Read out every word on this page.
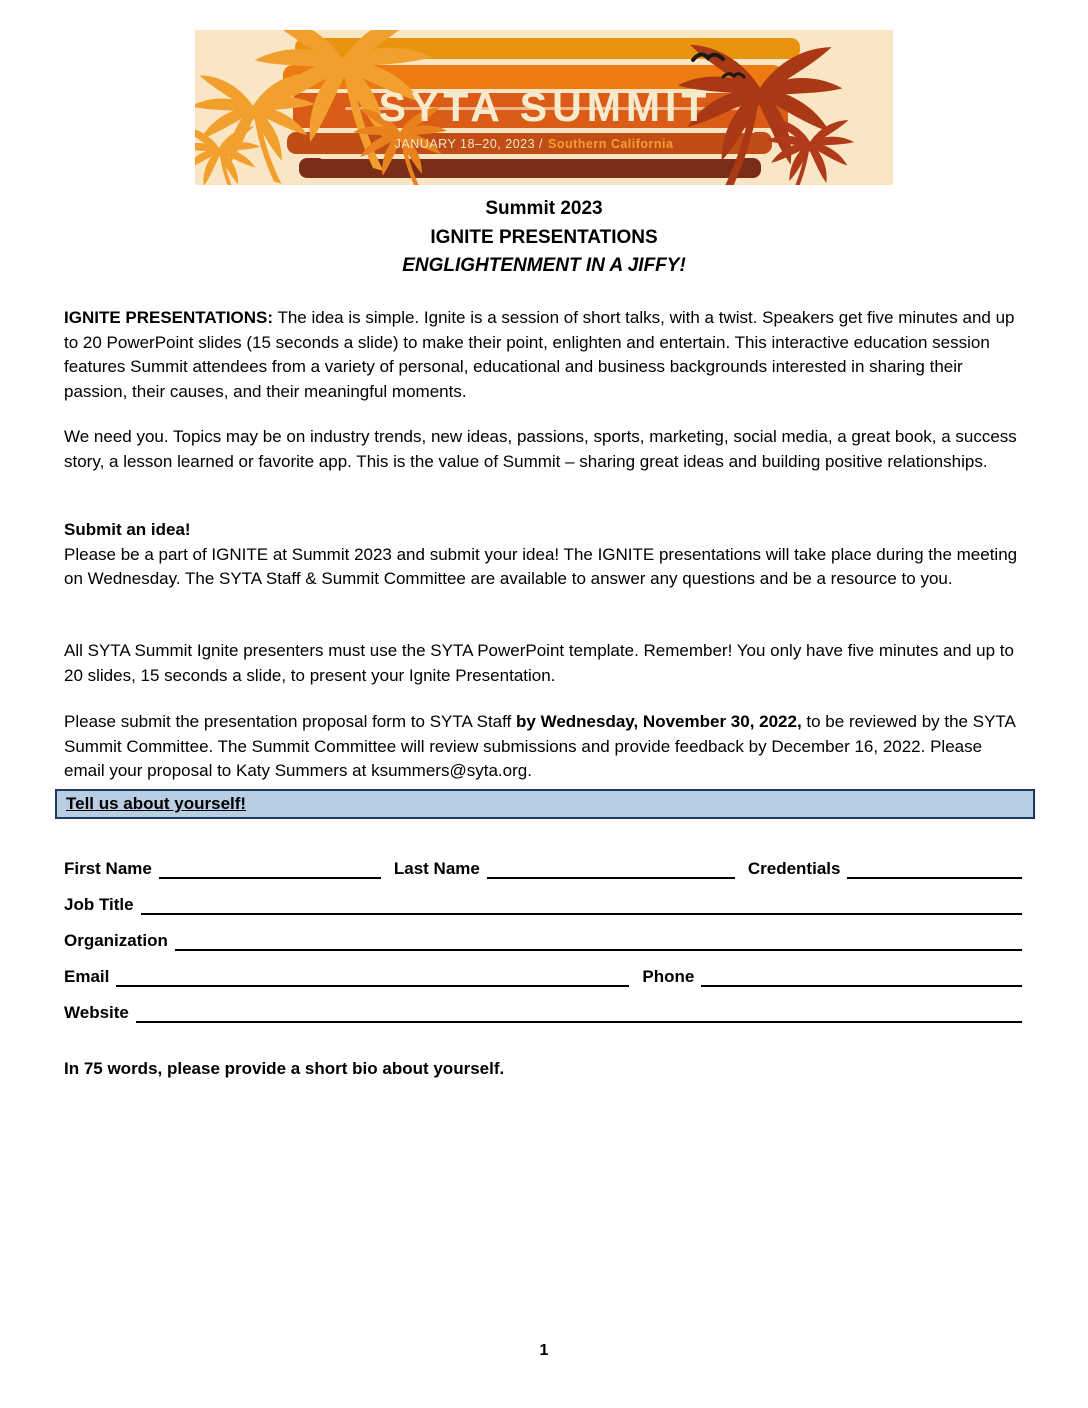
SYTA SUMMIT
JANUARY 18–20, 2023 / Southern California
Summit 2023
IGNITE PRESENTATIONS
ENGLIGHTENMENT IN A JIFFY!
IGNITE PRESENTATIONS: The idea is simple. Ignite is a session of short talks, with a twist. Speakers get five minutes and up to 20 PowerPoint slides (15 seconds a slide) to make their point, enlighten and entertain. This interactive education session features Summit attendees from a variety of personal, educational and business backgrounds interested in sharing their passion, their causes, and their meaningful moments.
We need you. Topics may be on industry trends, new ideas, passions, sports, marketing, social media, a great book, a success story, a lesson learned or favorite app. This is the value of Summit – sharing great ideas and building positive relationships.
Submit an idea!
Please be a part of IGNITE at Summit 2023 and submit your idea! The IGNITE presentations will take place during the meeting on Wednesday. The SYTA Staff & Summit Committee are available to answer any questions and be a resource to you.
All SYTA Summit Ignite presenters must use the SYTA PowerPoint template. Remember! You only have five minutes and up to 20 slides, 15 seconds a slide, to present your Ignite Presentation.
Please submit the presentation proposal form to SYTA Staff by Wednesday, November 30, 2022, to be reviewed by the SYTA Summit Committee. The Summit Committee will review submissions and provide feedback by December 16, 2022. Please email your proposal to Katy Summers at ksummers@syta.org.
Tell us about yourself!
First Name	Last Name	Credentials
Job Title
Organization
Email	Phone
Website
In 75 words, please provide a short bio about yourself.
1
